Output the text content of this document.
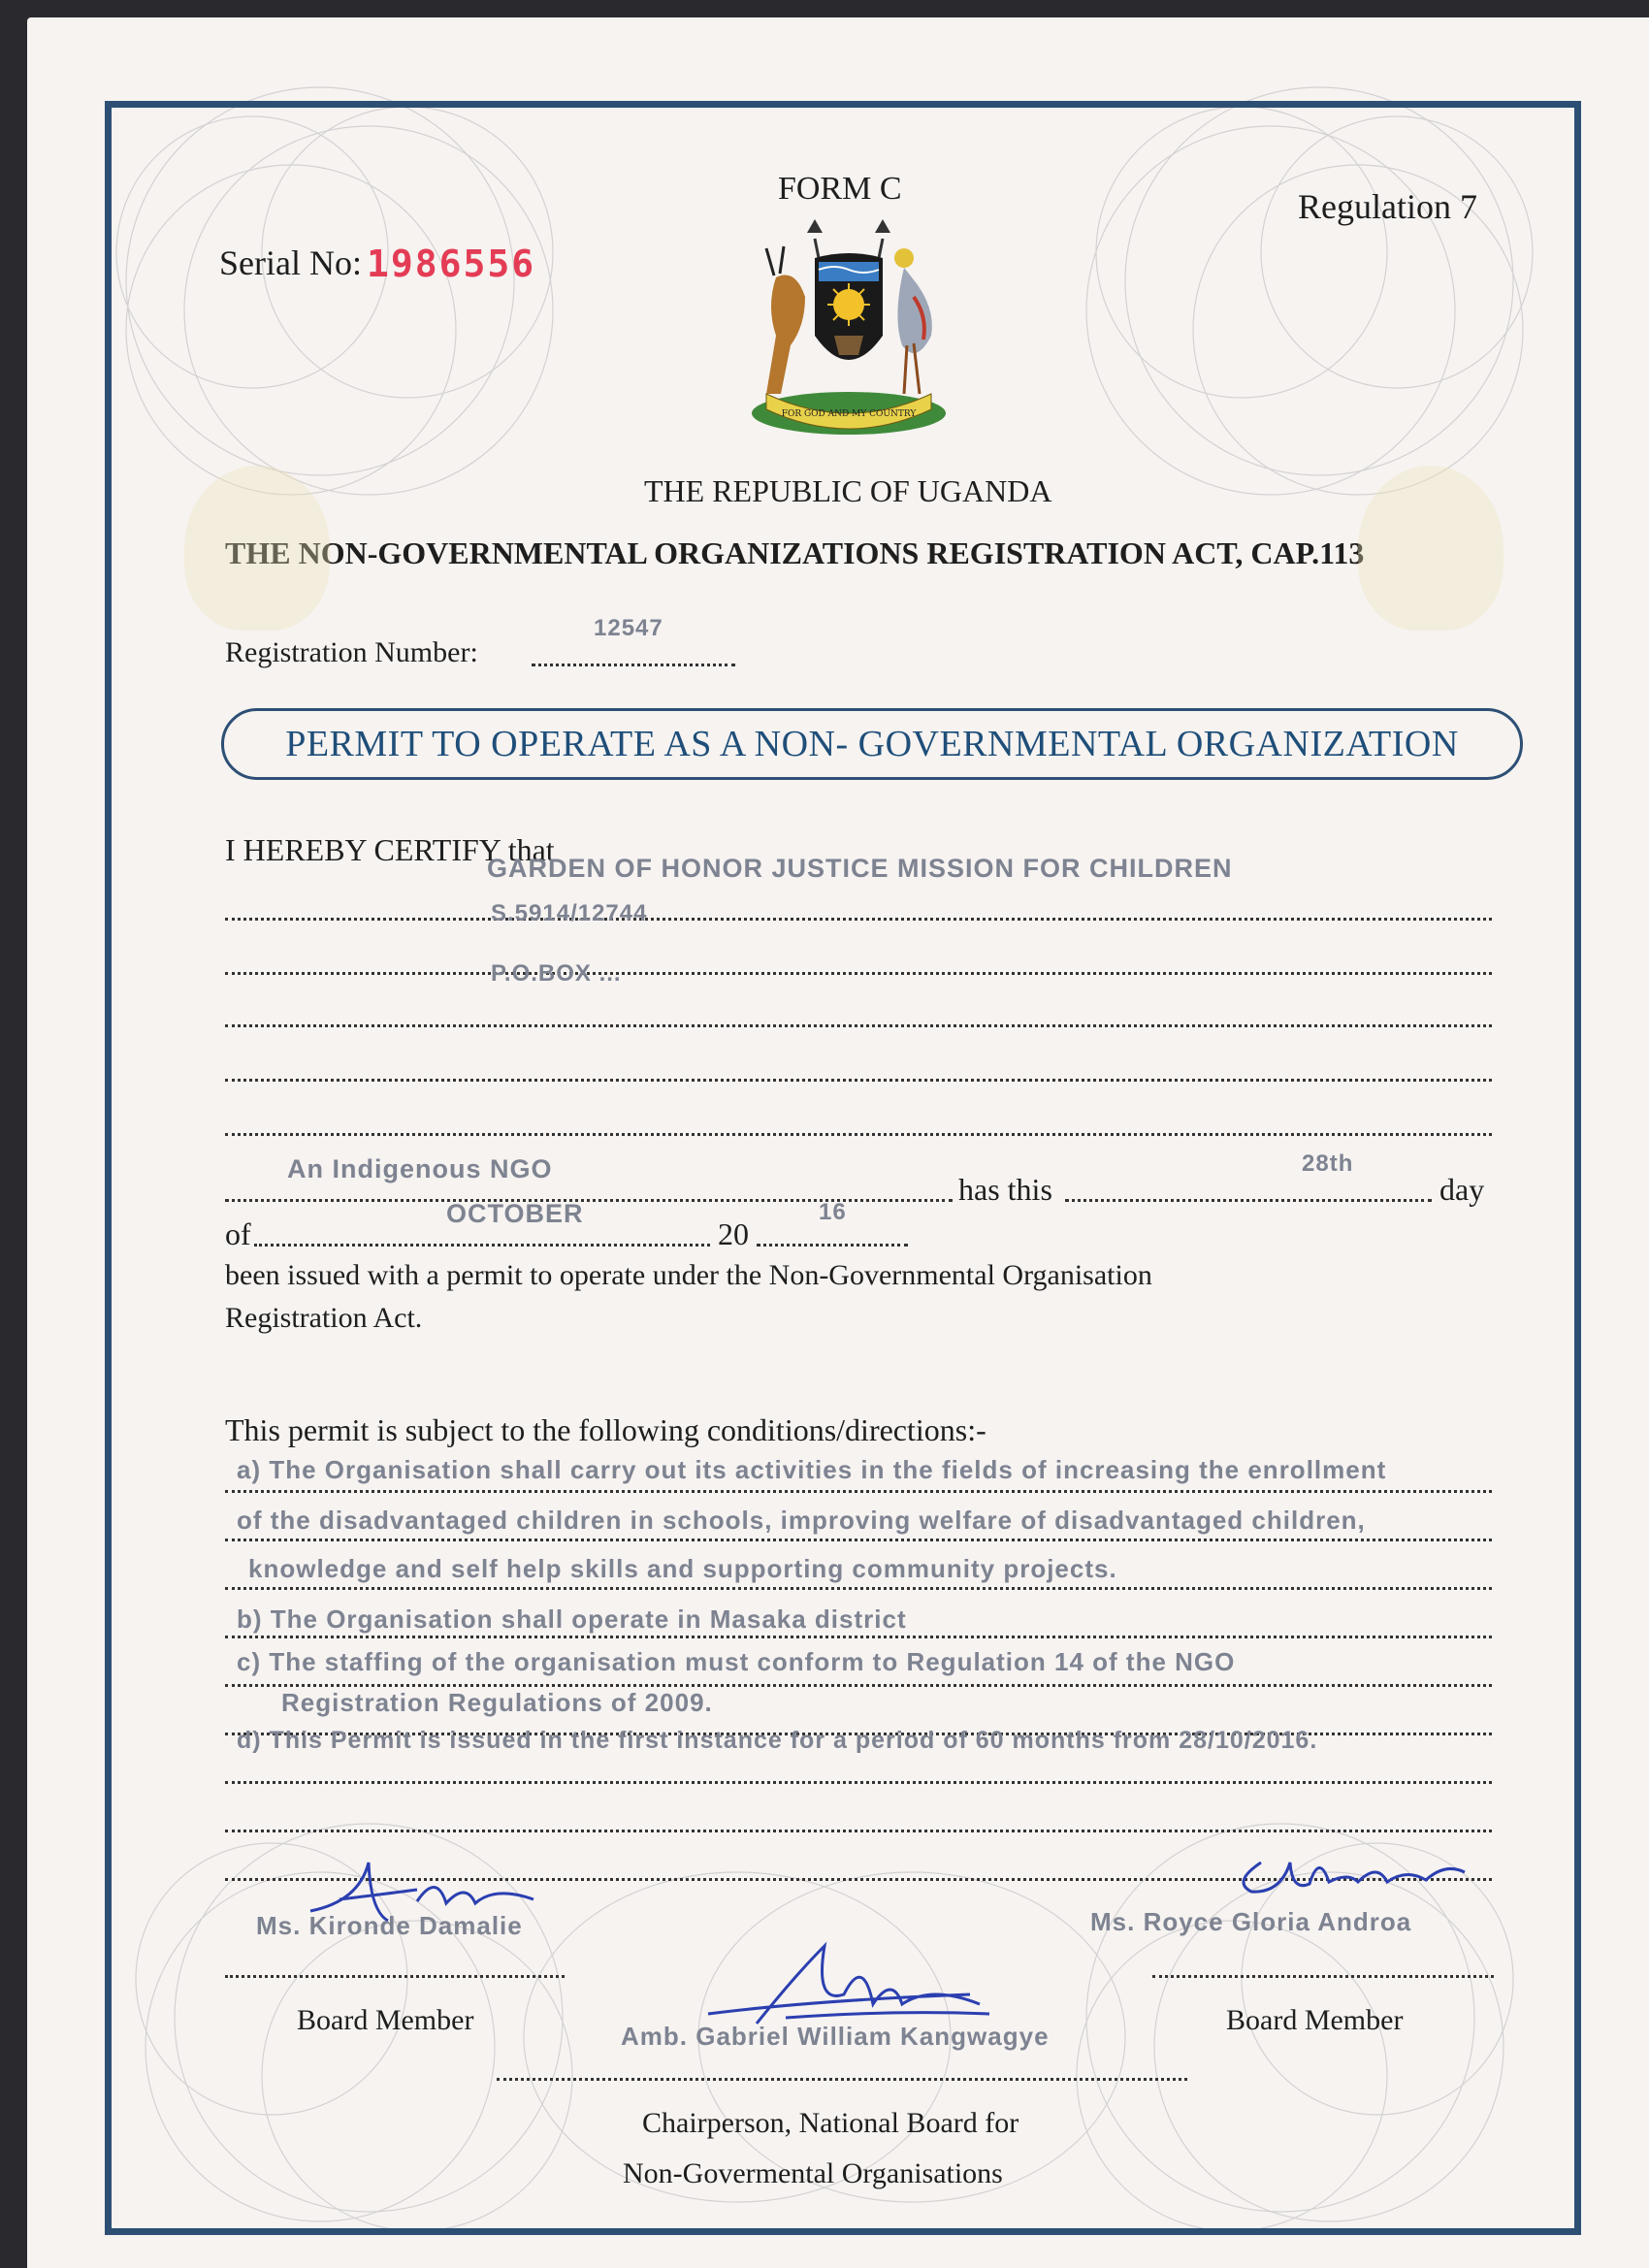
FORM C	Regulation 7
Serial No: 1986556
FOR GOD AND MY COUNTRY
THE REPUBLIC OF UGANDA
THE NON-GOVERNMENTAL ORGANIZATIONS REGISTRATION ACT, CAP.113
Registration Number:
12547
PERMIT TO OPERATE AS A NON- GOVERNMENTAL ORGANIZATION
I HEREBY CERTIFY that
GARDEN OF HONOR JUSTICE MISSION FOR CHILDREN
S.5914/12744
P.O.BOX ...
An Indigenous NGO
has this
28th
day
of
OCTOBER
20
16
been issued with a permit to operate under the Non-Governmental Organisation
Registration Act.
This permit is subject to the following conditions/directions:-
a) The Organisation shall carry out its activities in the fields of increasing the enrollment
of the disadvantaged children in schools, improving welfare of disadvantaged children,
knowledge and self help skills and supporting community projects.
b) The Organisation shall operate in Masaka district
c) The staffing of the organisation must conform to Regulation 14 of the NGO
Registration Regulations of 2009.
d) This Permit is issued in the first instance for a period of 60 months from 28/10/2016.
Ms. Kironde Damalie
Board Member
Ms. Royce Gloria Androa
Board Member
Amb. Gabriel William Kangwagye
Chairperson, National Board for
Non-Govermental Organisations
